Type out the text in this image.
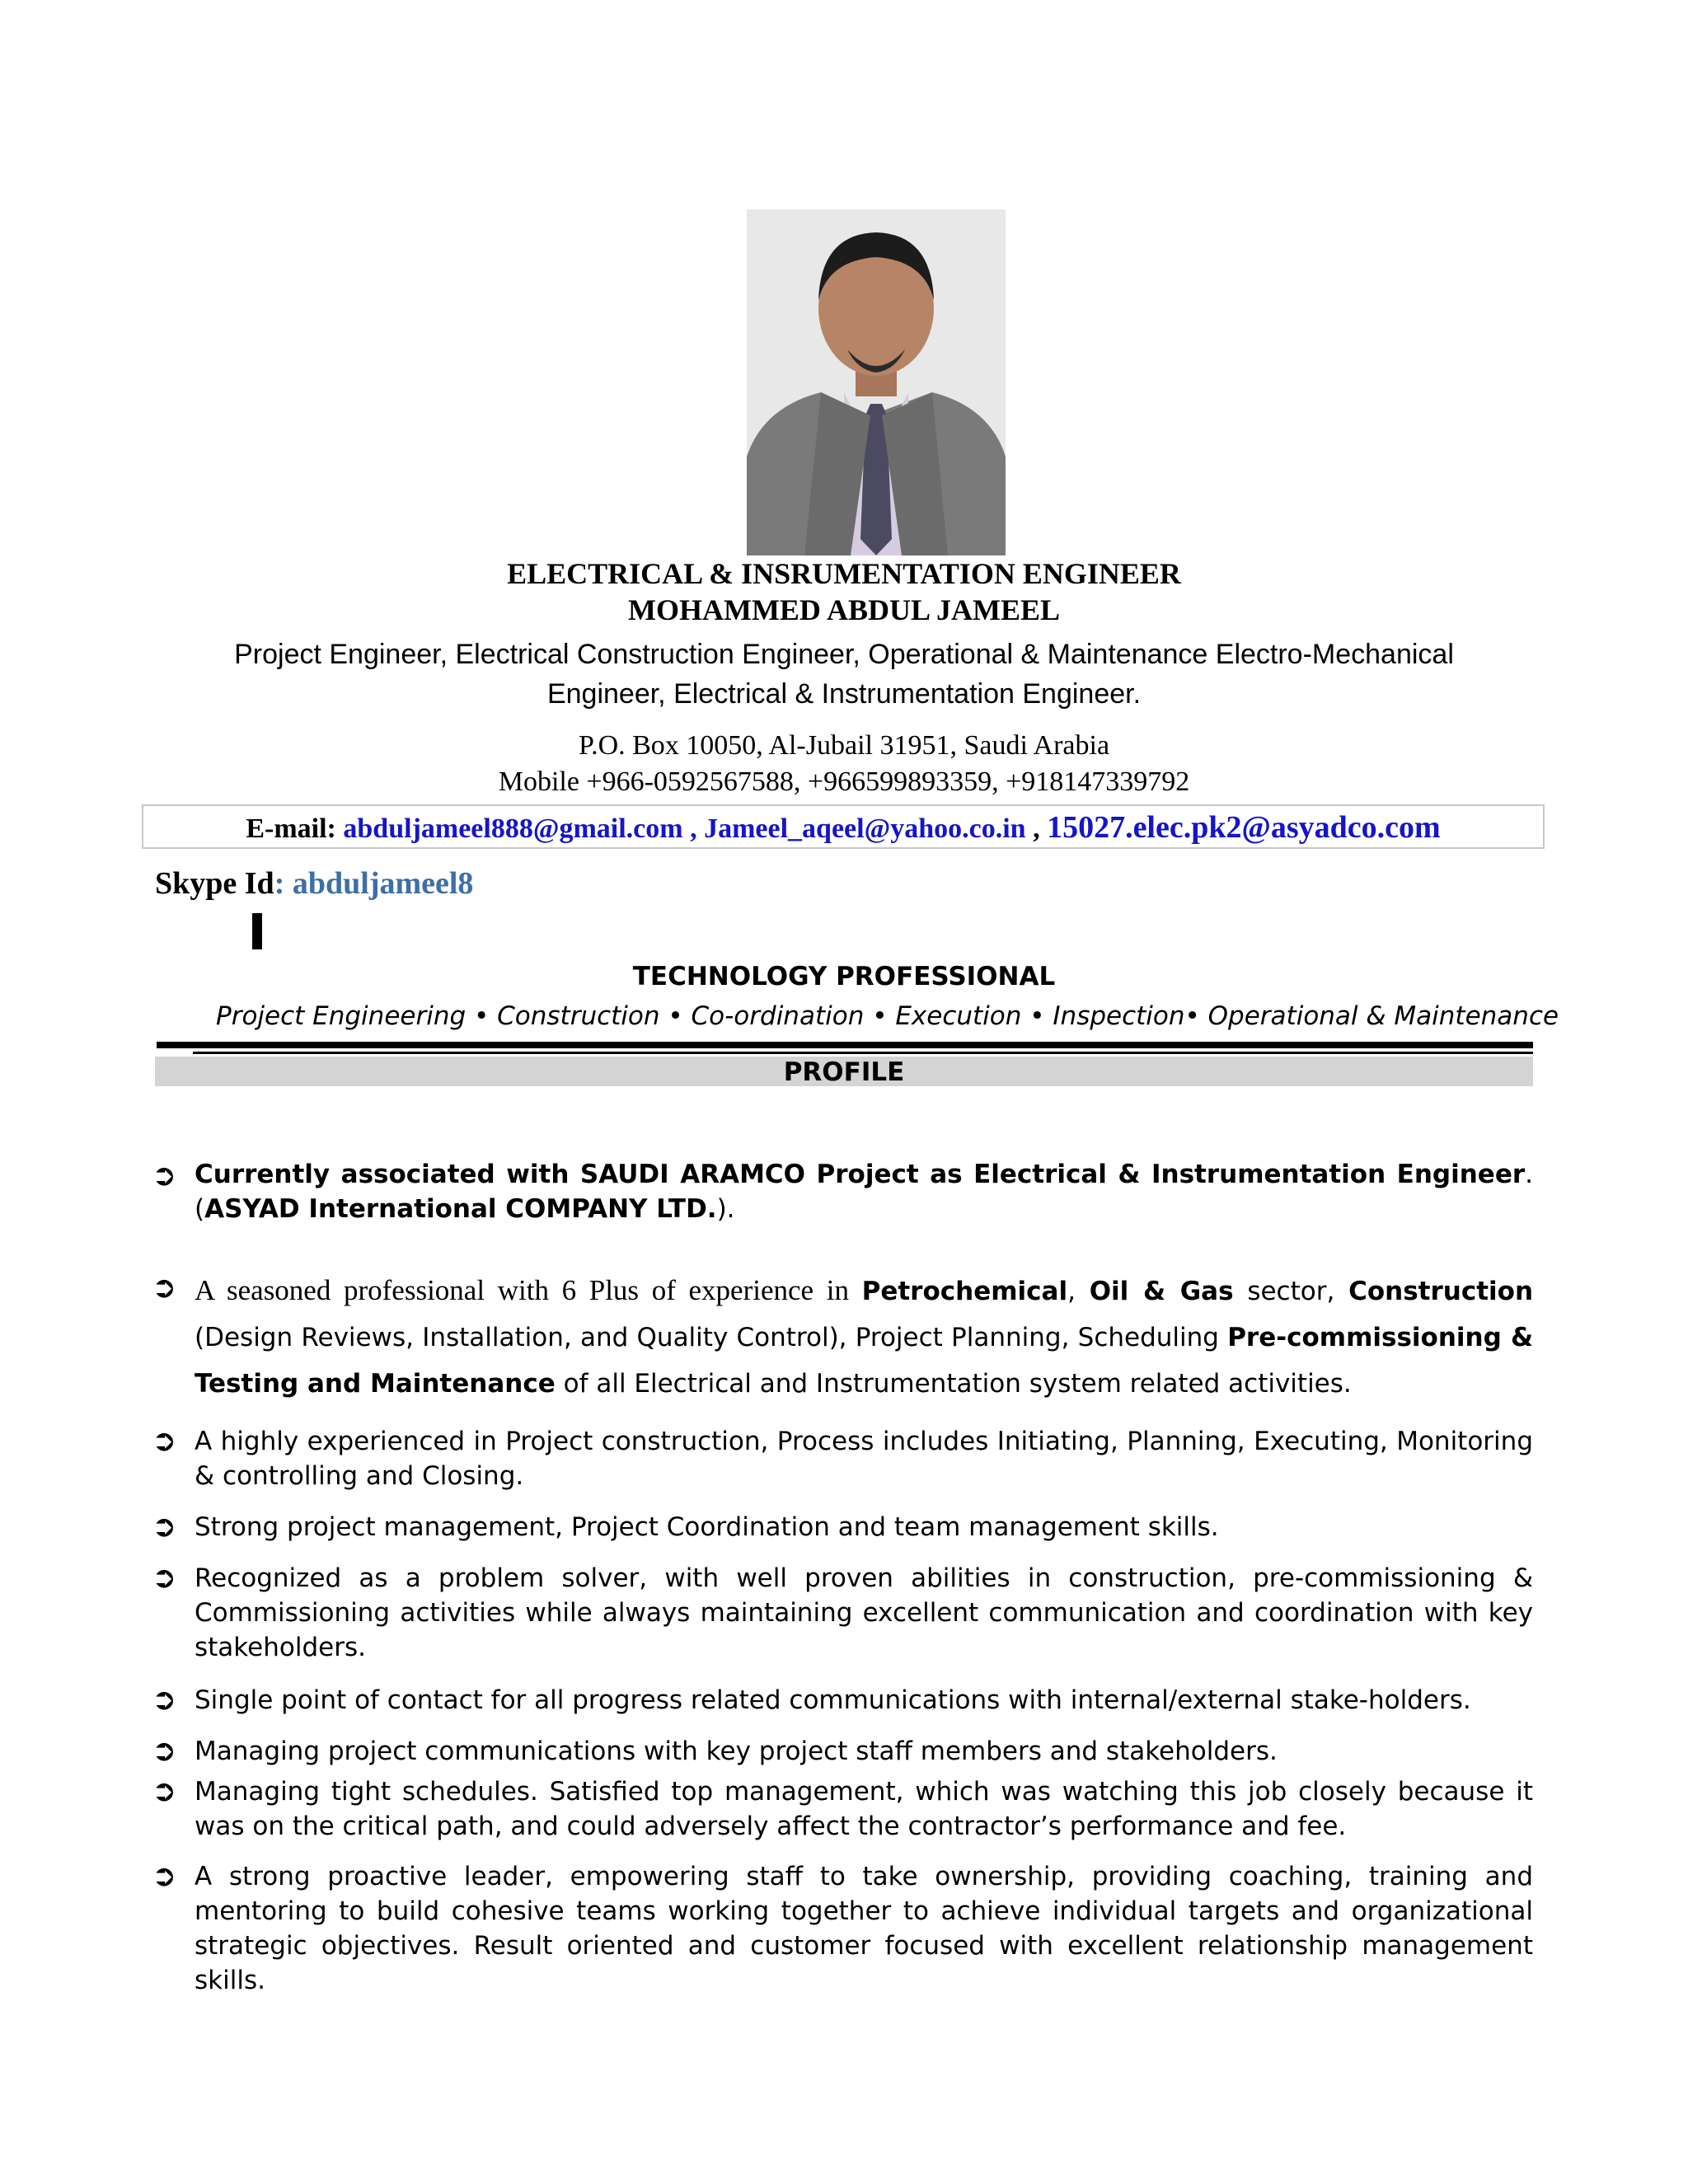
ELECTRICAL & INSRUMENTATION ENGINEER
MOHAMMED ABDUL JAMEEL
Project Engineer, Electrical Construction Engineer, Operational & Maintenance Electro-Mechanical Engineer, Electrical & Instrumentation Engineer.
P.O. Box 10050, Al-Jubail 31951, Saudi Arabia
Mobile +966-0592567588, +966599893359, +918147339792
E-mail: abduljameel888@gmail.com , Jameel_aqeel@yahoo.co.in , 15027.elec.pk2@asyadco.com
Skype Id: abduljameel8
TECHNOLOGY PROFESSIONAL
Project Engineering • Construction • Co-ordination • Execution • Inspection• Operational & Maintenance
PROFILE
➲ Currently associated with SAUDI ARAMCO Project as Electrical & Instrumentation Engineer. (ASYAD International COMPANY LTD.).
➲ A seasoned professional with 6 Plus of experience in Petrochemical, Oil & Gas sector, Construction (Design Reviews, Installation, and Quality Control), Project Planning, Scheduling Pre-commissioning & Testing and Maintenance of all Electrical and Instrumentation system related activities.
➲ A highly experienced in Project construction, Process includes Initiating, Planning, Executing, Monitoring & controlling and Closing.
➲ Strong project management, Project Coordination and team management skills.
➲ Recognized as a problem solver, with well proven abilities in construction, pre-commissioning & Commissioning activities while always maintaining excellent communication and coordination with key stakeholders.
➲ Single point of contact for all progress related communications with internal/external stake-holders.
➲ Managing project communications with key project staff members and stakeholders.
➲ Managing tight schedules. Satisfied top management, which was watching this job closely because it was on the critical path, and could adversely affect the contractor’s performance and fee.
➲ A strong proactive leader, empowering staff to take ownership, providing coaching, training and mentoring to build cohesive teams working together to achieve individual targets and organizational strategic objectives. Result oriented and customer focused with excellent relationship management skills.
